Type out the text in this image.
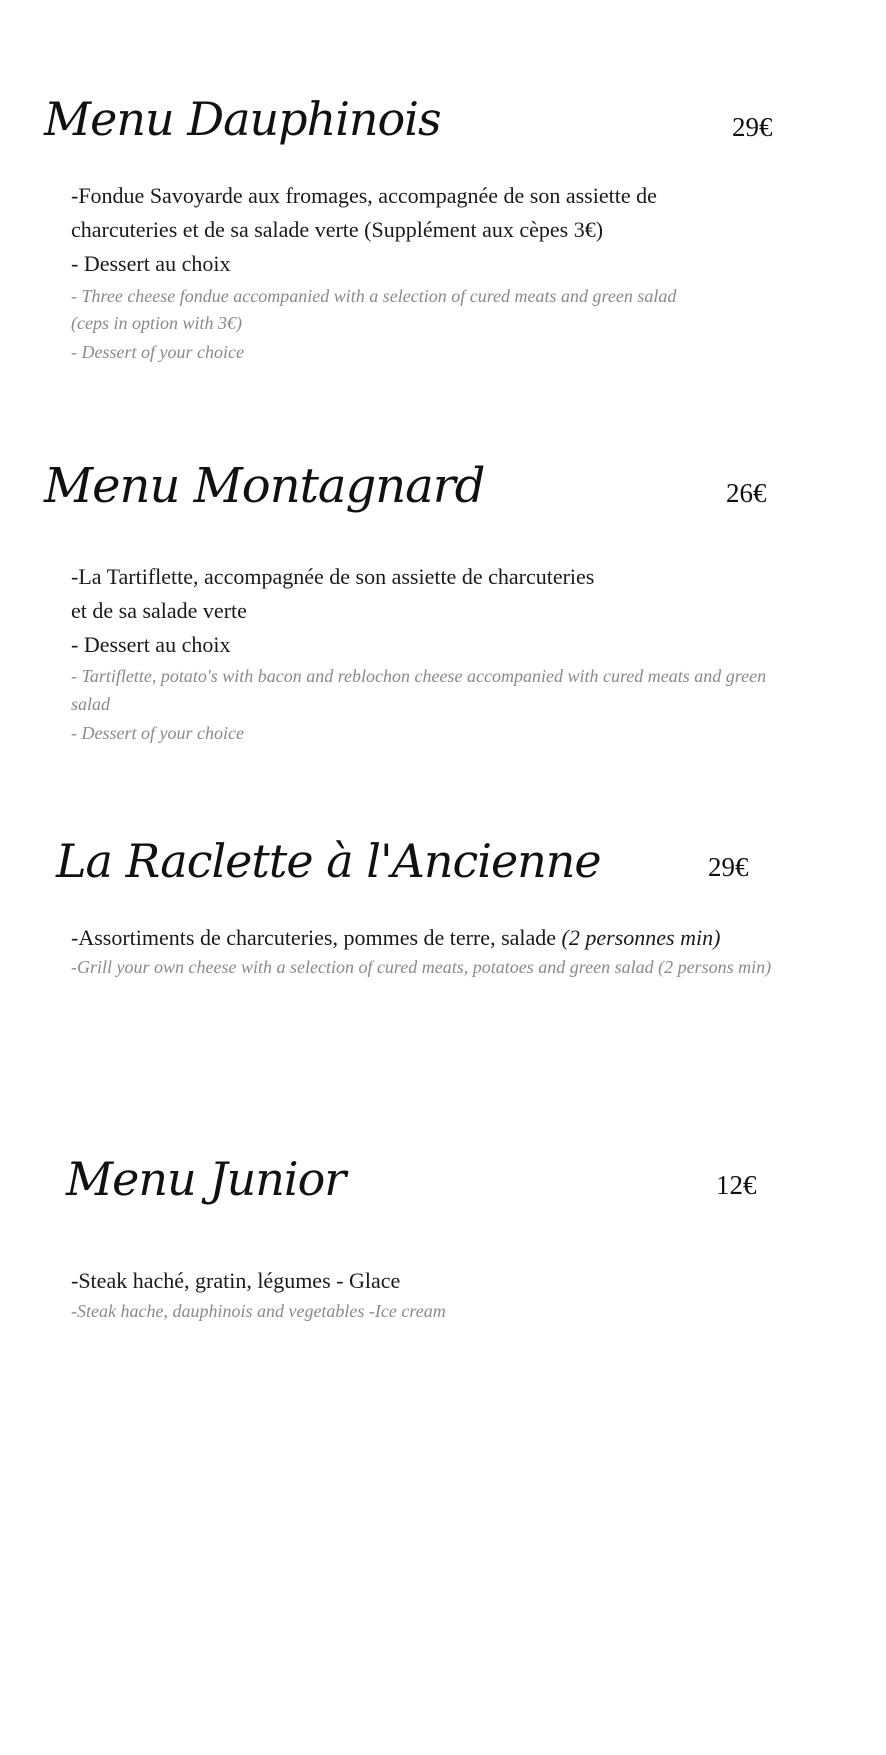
Menu Dauphinois	29€
-Fondue Savoyarde aux fromages, accompagnée de son assiette de
charcuteries et de sa salade verte (Supplément aux cèpes 3€)
- Dessert au choix
- Three cheese fondue accompanied with a selection of cured meats and green salad
(ceps in option with 3€)
- Dessert of your choice
Menu Montagnard	26€
-La Tartiflette, accompagnée de son assiette de charcuteries
et de sa salade verte
- Dessert au choix
- Tartiflette, potato's with bacon and reblochon cheese accompanied with cured meats and green
salad
- Dessert of your choice
La Raclette à l'Ancienne	29€
-Assortiments de charcuteries, pommes de terre, salade (2 personnes min)
-Grill your own cheese with a selection of cured meats, potatoes and green salad (2 persons min)
Menu Junior	12€
-Steak haché, gratin, légumes - Glace
-Steak hache, dauphinois and vegetables -Ice cream
